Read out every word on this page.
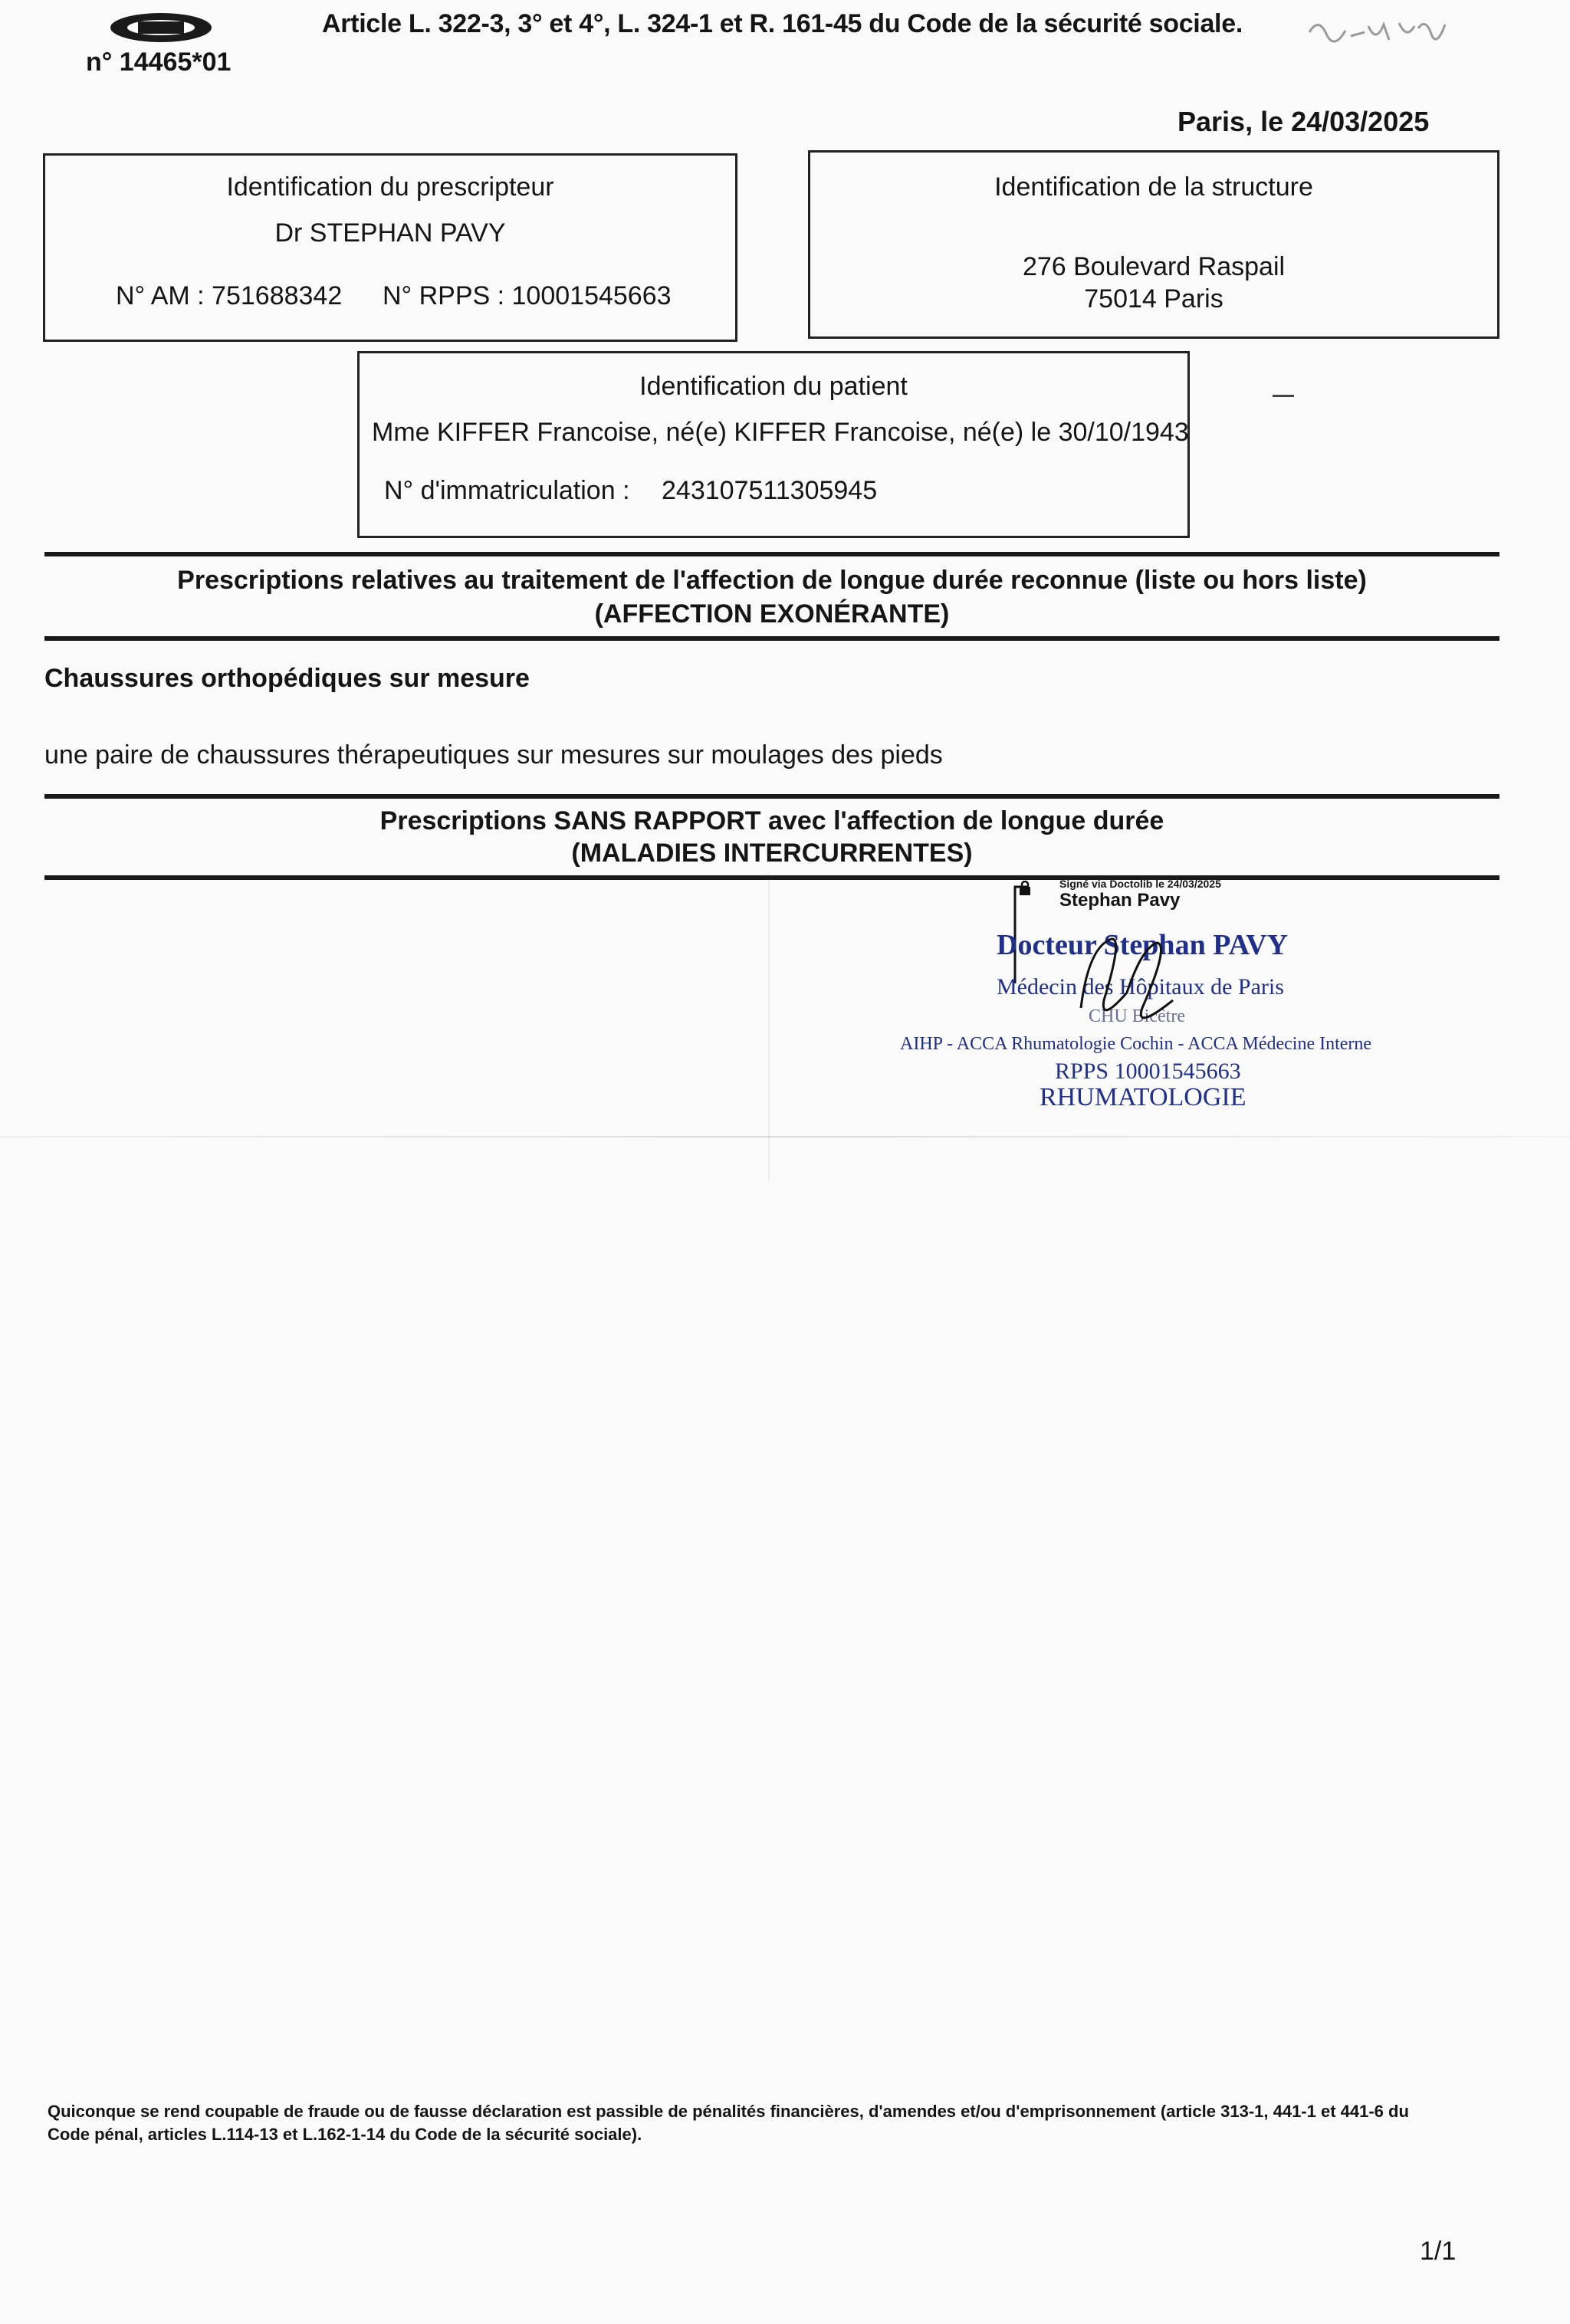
n° 14465*01
Article L. 322-3, 3° et 4°, L. 324-1 et R. 161-45 du Code de la sécurité sociale.
Paris, le 24/03/2025
Identification du prescripteur
Dr STEPHAN PAVY
N° AM : 751688342 N° RPPS : 10001545663
Identification de la structure
276 Boulevard Raspail
75014 Paris
Identification du patient
Mme KIFFER Francoise, né(e) KIFFER Francoise, né(e) le 30/10/1943
N° d'immatriculation : 243107511305945
Prescriptions relatives au traitement de l'affection de longue durée reconnue (liste ou hors liste)
(AFFECTION EXONÉRANTE)
Chaussures orthopédiques sur mesure
une paire de chaussures thérapeutiques sur mesures sur moulages des pieds
Prescriptions SANS RAPPORT avec l'affection de longue durée
(MALADIES INTERCURRENTES)
Signé via Doctolib le 24/03/2025
Stephan Pavy
Docteur Stephan PAVY
Médecin des Hôpitaux de Paris
CHU Bicêtre
AIHP - ACCA Rhumatologie Cochin - ACCA Médecine Interne
RPPS 10001545663
RHUMATOLOGIE
Quiconque se rend coupable de fraude ou de fausse déclaration est passible de pénalités financières, d'amendes et/ou d'emprisonnement (article 313-1, 441-1 et 441-6 du Code pénal, articles L.114-13 et L.162-1-14 du Code de la sécurité sociale).
1/1
